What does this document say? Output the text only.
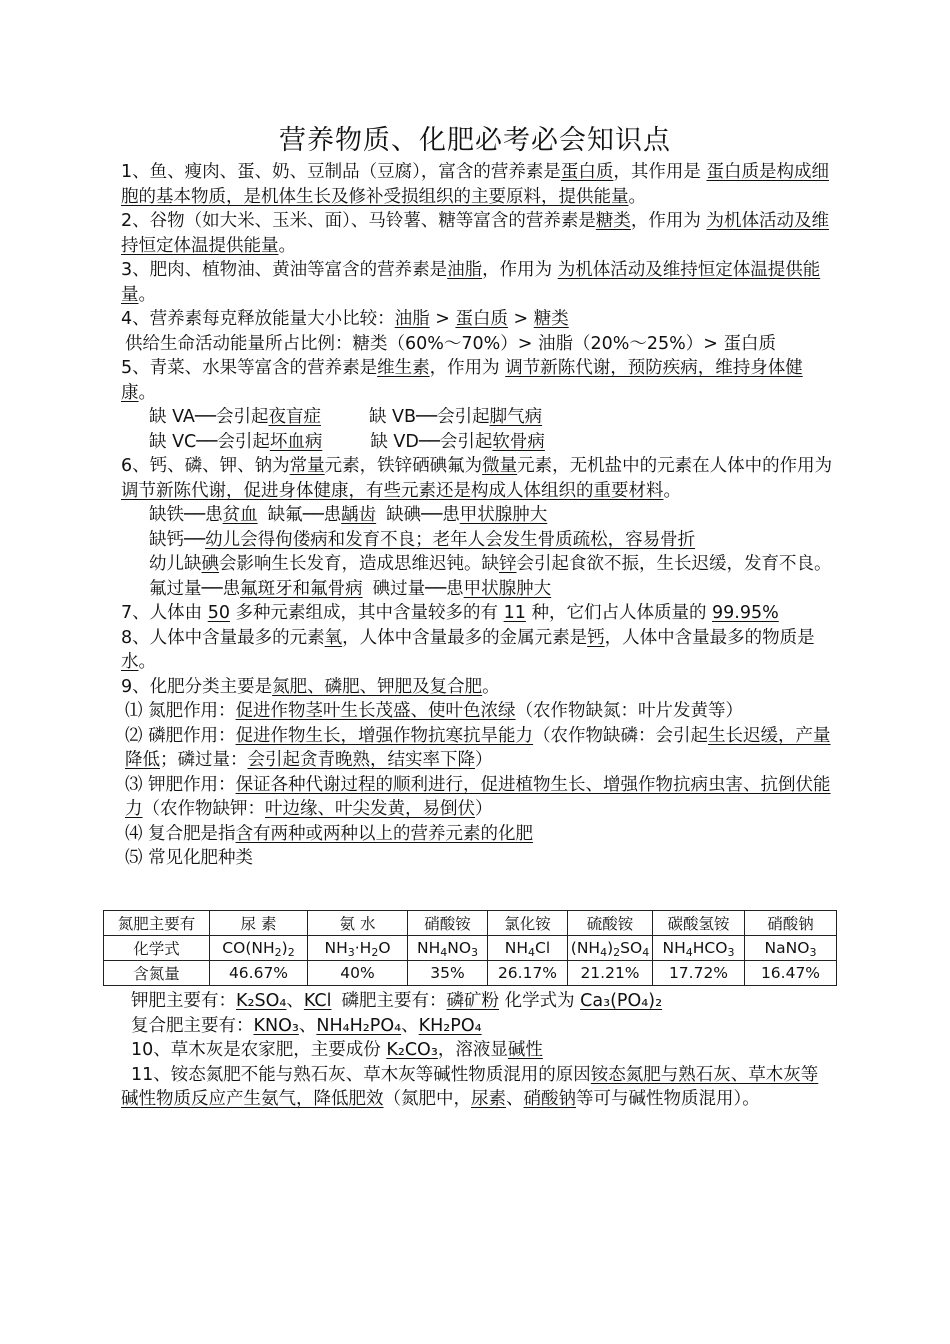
营养物质、化肥必考必会知识点

1、鱼、瘦肉、蛋、奶、豆制品（豆腐），富含的营养素是蛋白质，其作用是 蛋白质是构成细胞的基本物质，是机体生长及修补受损组织的主要原料，提供能量。

2、谷物（如大米、玉米、面）、马铃薯、糖等富含的营养素是糖类，作用为 为机体活动及维持恒定体温提供能量。

3、肥肉、植物油、黄油等富含的营养素是油脂，作用为 为机体活动及维持恒定体温提供能量。

4、营养素每克释放能量大小比较：油脂 > 蛋白质 > 糖类

供给生命活动能量所占比例：糖类（60%～70%）> 油脂（20%～25%）> 蛋白质

5、青菜、水果等富含的营养素是维生素，作用为 调节新陈代谢，预防疾病，维持身体健康。

缺 VA──会引起夜盲症	缺 VB──会引起脚气病

缺 VC──会引起坏血病	缺 VD──会引起软骨病

6、钙、磷、钾、钠为常量元素，铁锌硒碘氟为微量元素，无机盐中的元素在人体中的作用为调节新陈代谢，促进身体健康，有些元素还是构成人体组织的重要材料。

缺铁──患贫血 缺氟──患龋齿 缺碘──患甲状腺肿大

缺钙──幼儿会得佝偻病和发育不良；老年人会发生骨质疏松，容易骨折

幼儿缺碘会影响生长发育，造成思维迟钝。缺锌会引起食欲不振，生长迟缓，发育不良。

氟过量──患氟斑牙和氟骨病 碘过量──患甲状腺肿大

7、人体由 50 多种元素组成，其中含量较多的有 11 种，它们占人体质量的 99.95%

8、人体中含量最多的元素氧，人体中含量最多的金属元素是钙，人体中含量最多的物质是水。

9、化肥分类主要是氮肥、磷肥、钾肥及复合肥。

⑴ 氮肥作用：促进作物茎叶生长茂盛、使叶色浓绿（农作物缺氮：叶片发黄等）

⑵ 磷肥作用：促进作物生长，增强作物抗寒抗旱能力（农作物缺磷：会引起生长迟缓，产量降低；磷过量：会引起贪青晚熟，结实率下降）

⑶ 钾肥作用：保证各种代谢过程的顺利进行，促进植物生长、增强作物抗病虫害、抗倒伏能力（农作物缺钾：叶边缘、叶尖发黄，易倒伏）

⑷ 复合肥是指含有两种或两种以上的营养元素的化肥

⑸ 常见化肥种类

氮肥主要有	尿 素	氨 水	硝酸铵	氯化铵	硫酸铵	碳酸氢铵	硝酸钠
化学式	$CO(NH_2)_2$	$NH_3\cdot H_2O$	$NH_4NO_3$	$NH_4Cl$	$(NH_4)_2SO_4$	$NH_4HCO_3$	NaNO$_3$
含氮量	46.67%	40%	35%	26.17%	21.21%	17.72%	16.47%

钾肥主要有：K₂SO₄、KCl 磷肥主要有：磷矿粉 化学式为 Ca₃(PO₄)₂

复合肥主要有：KNO₃、NH₄H₂PO₄、KH₂PO₄

10、草木灰是农家肥，主要成份 K₂CO₃，溶液显碱性

11、铵态氮肥不能与熟石灰、草木灰等碱性物质混用的原因铵态氮肥与熟石灰、草木灰等碱性物质反应产生氨气，降低肥效（氮肥中，尿素、硝酸钠等可与碱性物质混用）。
